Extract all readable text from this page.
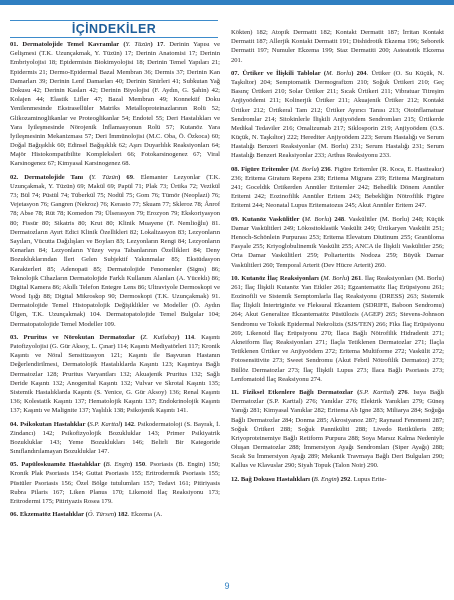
İÇİNDEKİLER

01. Dermatolojide Temel Kavramlar (Y. Tüzün) 17. Derinin Yapısı ve Gelişmesi (T.K. Uzunçakmak, Y. Tüzün) 17; Derinin Anatomisi 17; Derinin Embriyolojisi 18; Epidermisin Biokimyolojisi 18; Derinin Temel Yapıları 21; Epidermis 21; Dermo-Epidermal Bazal Membran 36; Dermis 37; Derinin Kan Damarları 39; Derinin Lenf Damarları 40; Derinin Sinirleri 41; Subkutan Yağ Dokusu 42; Derinin Kasları 42; Derinin Biyolojisi (F. Aydın, G. Şahin) 42; Kolajen 44; Elastik Lifler 47; Bazal Membran 49; Konnektif Doku Yenilenmesinde Ekstrasellüler Matriks Metalloproteinazlarının Rolü 52; Glikozaminoglikanlar ve Proteoglikanlar 54; Endotel 55; Deri Hastalıkları ve Yara İyileşmesinde Nörojenik İnflamasyonun Rolü 57; Kutanöz Yara İyileşmesinin Mekanizması 57; Deri İmmünolojisi (M.C. Oba, Ö. Özkoca) 60; Doğal Bağışıklık 60; Edinsel Bağışıklık 62; Aşırı Duyarlılık Reaksiyonları 64; Majör Histokompatibilite Kompleksleri 66; Fotokarsinogenez 67; Viral Karsinogenez 67; Kimyasal Karsinogenez 68.

02. Dermatolojide Tanı (Y. Tüzün) 69. Elemanter Lezyonlar (T.K. Uzunçakmak, Y. Tüzün) 69; Makül 69; Papül 71; Plak 73; Ürtika 72; Vezikül 73; Bül 74; Püstül 74; Tüberkül 75; Nodül 75; Gom 76; Tümör (Neoplazi) 76; Vejetasyon 76; Gangren (Nekroz) 76; Kerasto 77; Skuam 77; Skleroz 78; Ånrof 78; Abse 78; Rüt 78; Komedon 79; Ülserasyon 79; Erozyon 79; Ekskoriyasyon 80; Fissür 80; Sikatris 80; Krut 80; Klinik Muayene (F. Nemlioğlu) 81. Dermatozların Ayırt Edici Klinik Özellikleri 82; Lokalizasyon 83; Lezyonların Sayıları, Vücutta Dağılışları ve Boyları 83; Lezyonların Rengi 84; Lezyonların Kenarları 84; Lezyonların Yüzey veya Tabanlarının Özellikleri 84; Deny Bozukluklarından İleri Gelen Subjektif Yakınmalar 85; Ekstüdasyon Karakterleri 85; Adenopati 85; Dermatolojide Fenomenler (Signs) 86; Teknolojik Cihazların Dermatolojide Farklı Kullanım Alanları (A. Yüceklı) 86; Digital Kamera 86; Akıllı Telefon Entegre Lens 86; Ultraviyole Dermoskopi ve Wood Işığı 88; Digital Mikroskop 90; Dermoskopi (T.K. Uzunçakmak) 91. Dermatolojide Temel Histopatolojik Değişiklikler ve Modeller (Ö. Aydın Ülgen, T.K. Uzunçakmak) 104. Dermatopatolojide Temel Bulgular 104; Dermatopatolojide Temel Modeller 109.

03. Pruritus ve Nörokutan Dermatozlar (Z. Kutlubay) 114. Kaşıntı Patofizyolojisi (G. Gür Aksoy, L. Çınar) 114; Kaşıntı Mediyatörleri 117; Kronik Kaşıntı ve Nöral Sensitizasyon 121; Kaşıntı ile Başvuran Hastanın Değerlendirilmesi, Dermatolojik Hastalıklarda Kaşıntı 123; Kaşıntıya Bağlı Dermatozlar 128; Pruritus Varyantları 132; Akuajenik Pruritus 132; Sağlı Deride Kaşıntı 132; Anogenital Kaşıntı 132; Vulvar ve Skrotal Kaşıntı 135; Sistemik Hastalıklarda Kaşıntı (S. Yenice, G. Gür Aksoy) 136; Renal Kaşıntı 136; Kolestatik Kaşıntı 137; Hematolojik Kaşıntı 137; Endokrinolojik Kaşıntı 137; Kaşıntı ve Malignite 137; Yaşlılık 138; Psikojenik Kaşıntı 141.

04. Psikokutan Hastalıklar (S.P. Karttal) 142. Psikodermatoloji (S. Bayrak, İ. Zindancı) 142; Psikofizyolojik Bozukluklar 143; Primer Psikiyatrik Bozukluklar 143; Yeme Bozuklukları 146; Belirli Bir Kategoride Sınıflandırılamayan Bozukluklar 147.

05. Papüloskuamöz Hastalıklar (B. Engin) 150. Psoriasis (B. Engin) 150; Kronik Plak Psoriasis 154; Guttat Psoriasis 155; Eritrodermik Psoriasis 155; Püstüler Psoriasis 156; Özel Bölge tutulumları 157; Tedavi 161; Pitiriyasis Rubra Pilaris 167; Liken Planus 170; Likenoid İlaç Reaksiyonu 173; Eritrodermi 175; Pitiriyazis Rosea 179.

06. Ekzematöz Hastalıklar (Ö. Türsen) 182. Ekzema (A.

Kökten) 182; Atopik Dermatit 182; Kontakt Dermatit 187; İrritan Kontakt Dermatit 187; Allerjik Kontakt Dermatit 191; Dishidrotik Ekzema 196; Seboreik Dermatit 197; Numuler Ekzema 199; Staz Dermatiti 200; Asteatotik Ekzema 201.

07. Ürtiker ve İlişkili Tablolar (M. Borlu) 204. Ürtiker (O. Su Küçük, N. Taşkıltor) 204; Semptomatik Dermografizm 210; Soğuk Ürtikeri 210; Geç Basınç Ürtikeri 210; Solar Ürtiker 211; Sıcak Ürtikeri 211; Vibratuar Titreşim Anjiyoödemi 211; Kolinerjik Ürtiker 211; Akuajenik Ürtiker 212; Kontakt Ürtiker 212; Ürtikeral Tam 212; Ürtiker Ayırıcı Tanısı 213; Otoinflamatuar Sendromlar 214; Sitokinlerle İlişkili Anjiyoödem Sendromları 215; Ürtikerde Medikal Tedaviler 216; Omalizumab 217; Siklosporin 219; Anjiyoödem (O.S. Küçük, N. Taşkıltor) 222; Herediter Anjiyoödem 223; Serum Hastalığı ve Serum Hastalığı Benzeri Reaksiyonlar (M. Borlu) 231; Serum Hastalığı 231; Serum Hastalığı Benzeri Reaksiyonlar 233; Arthus Reaksiyonu 233.

08. Figüre Eritemler (M. Borlu) 236. Figüre Eritemler (R. Koca, E. Hastteakır) 236; Eritema Giratum Repens 238; Eritema Migrans 239; Eritema Marginatum 241; Goceldik Ürtikerden Annüler Eritemler 242; Behedlik Dönem Annüler Eritemi 242; Eozinofilik Annüler Eritem 243; Bebekliğin Nötrofilik Figüre Eritemi 244; Neonatal Lupus Eritematozus 245; Akut Annüler Eritem 247.

09. Kutanöz Vaskülitler (M. Borlu) 248. Vaskülitler (M. Borlu) 248; Küçük Damar Vaskülitleri 249; Lökositoklastik Vaskülit 249; Ürtikaryen Vaskülit 251; Henoch-Schönlein Purpurası 253; Eritema Elevatum Diutinum 255; Granüloma Fasyale 255; Kriyoglobulinemik Vaskülit 255; ANCA ile İlişkili Vaskülitler 256; Orta Damar Vaskülitleri 259; Poliarteritis Nodoza 259; Büyük Damar Vaskülitleri 260; Temporal Arterit (Dev Hücre Arterit) 260.

10. Kutanöz İlaç Reaksiyonları (M. Borlu) 261. İlaç Reaksiyonları (M. Borlu) 261; İlaç İlişkili Kutanöz Yan Etkiler 261; Egzantematöz İlaç Erüpsiyonu 261; Eozinofili ve Sistemik Semptomlarla İlaç Reaksiyonu (DRESS) 263; Sistemik İlaç İlişkili İntertriginöz ve Fleksural Ekzantem (SDRIFE, Baboon Sendromu) 264; Akut Generalize Ekzantematöz Püstülozis (AGEP) 265; Stevens-Johnson Sendromu ve Toksik Epidermal Nekrolizis (SJS/TEN) 266; Fiks İlaç Erüpsiyonu 269; Likenoid İlaç Erüpsiyonu 270; İlaca Bağlı Nötrofilik Hidradenit 271; Akneiform İlaç Reaksiyonları 271; İlaçla Tetiklenen Dermatozlar 271; İlaçla Tetiklenen Ürtiker ve Anjiyoödem 272; Eritema Multiforme 272; Vaskülit 272; Fotosensitivite 273; Sweet Sendromu (Akut Febril Nötrofilik Dermatoz) 273; Büllöz Dermatozlar 273; İlaç İlişkili Lupus 273; İlaca Bağlı Psoriasis 273; Lenfomatoid İlaç Reaksiyonu 274.

11. Fiziksel Etkenlere Bağlı Dermatozlar (S.P. Karttal) 276. Isıya Bağlı Dermatozlar (S.P. Karttal) 276; Yanıklar 276; Elektrik Yanıkları 279; Güneş Yanığı 281; Kimyasal Yanıklar 282; Eritema Ab Igne 283; Miliarya 284; Soğuğa Bağlı Dermatozlar 284; Donma 285; Akrosiyanoz 287; Raynaud Fenomeni 287; Soğuk Ürtikeri 288; Soğuk Panniküliti 288; Livedo Retiküleris 289; Kriyoproteinemiye Bağlı Retiform Purpura 288; Soya Marsız Kalma Nedeniyle Oluşan Dermatozlar 288; İmmersiyon Ayağı Sendromları (Siper Ayağı) 288; Sıcak Su İmmersiyon Ayağı 289; Mekanik Travmaya Bağlı Deri Bulguları 290; Kallus ve Klavuslar 290; Siyah Topuk (Talon Noir) 290.

12. Bağ Dokusu Hastalıkları (B. Engin) 292. Lupus Erite-

9
